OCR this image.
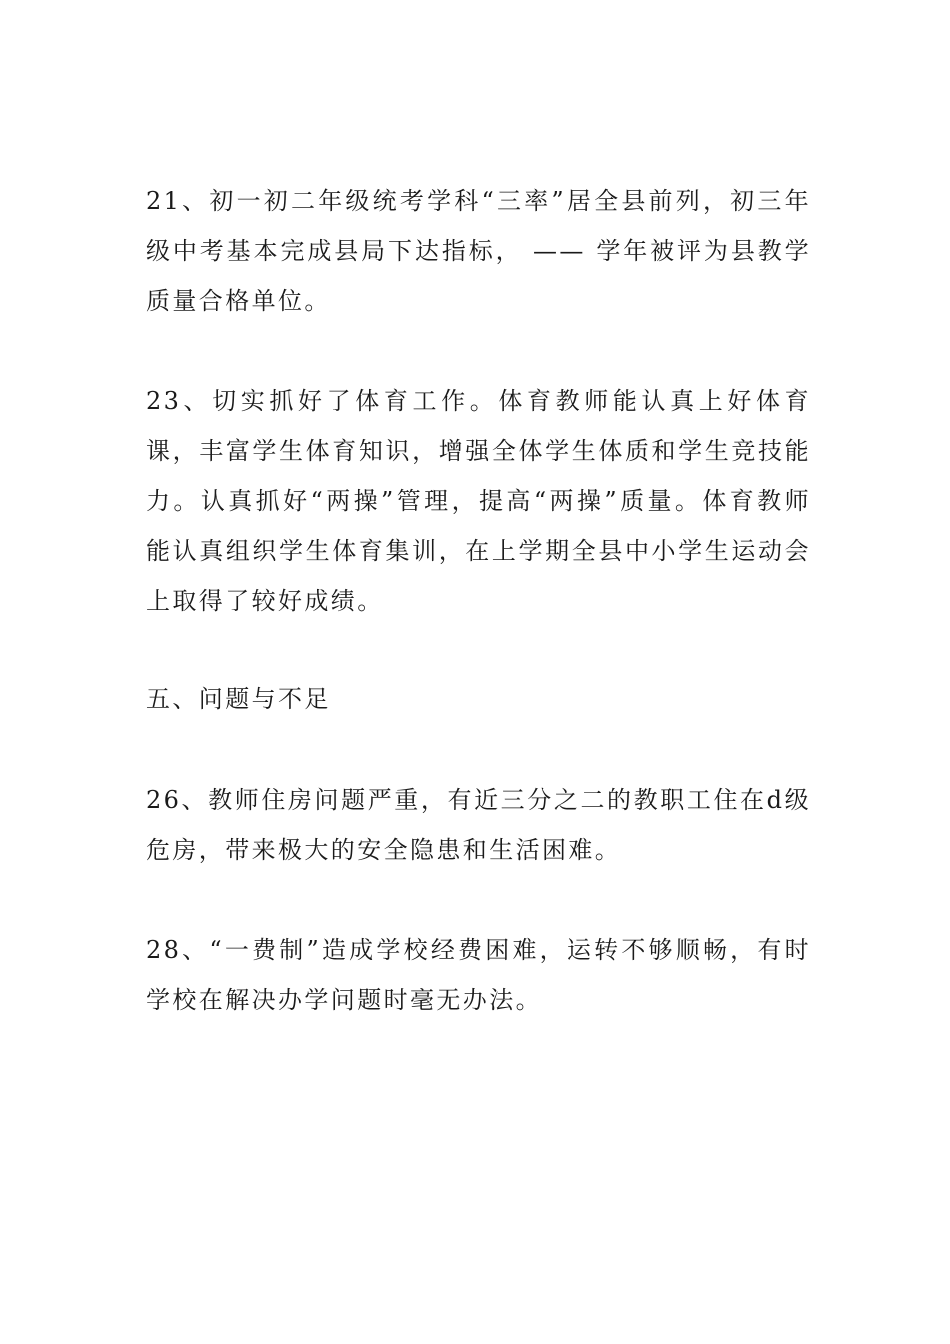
21、初一初二年级统考学科“三率”居全县前列，初三年级中考基本完成县局下达指标， —— 学年被评为县教学质量合格单位。

23、切实抓好了体育工作。体育教师能认真上好体育课，丰富学生体育知识，增强全体学生体质和学生竞技能力。认真抓好“两操”管理，提高“两操”质量。体育教师能认真组织学生体育集训，在上学期全县中小学生运动会上取得了较好成绩。

五、问题与不足

26、教师住房问题严重，有近三分之二的教职工住在d级危房，带来极大的安全隐患和生活困难。

28、“一费制”造成学校经费困难，运转不够顺畅，有时学校在解决办学问题时毫无办法。
